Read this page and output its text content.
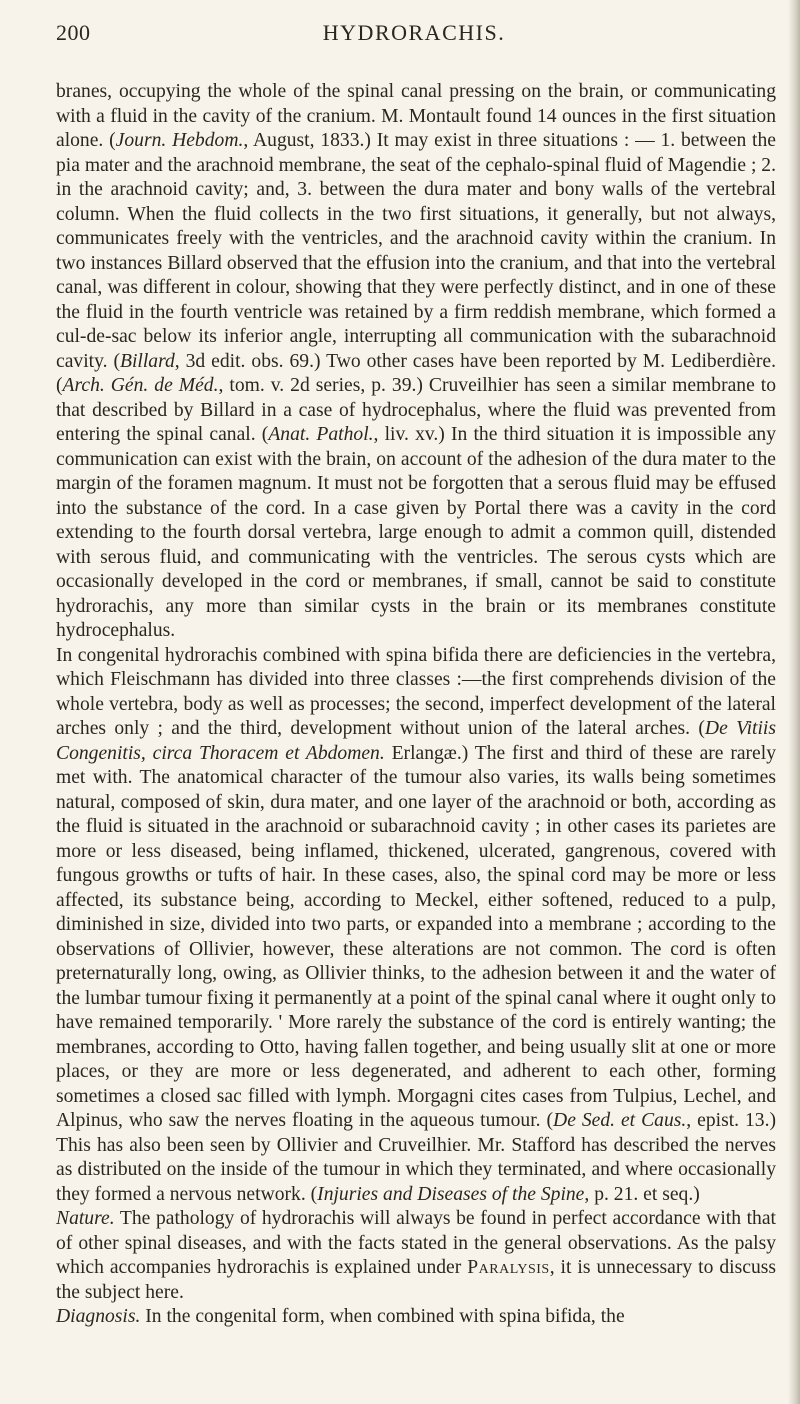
200	HYDRORACHIS.

branes, occupying the whole of the spinal canal pressing on the brain, or communicating with a fluid in the cavity of the cranium. M. Montault found 14 ounces in the first situation alone. (Journ. Hebdom., August, 1833.) It may exist in three situations : — 1. between the pia mater and the arachnoid membrane, the seat of the cephalo-spinal fluid of Magendie ; 2. in the arachnoid cavity; and, 3. between the dura mater and bony walls of the vertebral column. When the fluid collects in the two first situations, it generally, but not always, communicates freely with the ventricles, and the arachnoid cavity within the cranium. In two instances Billard observed that the effusion into the cranium, and that into the vertebral canal, was different in colour, showing that they were perfectly distinct, and in one of these the fluid in the fourth ventricle was retained by a firm reddish membrane, which formed a cul-de-sac below its inferior angle, interrupting all communication with the subarachnoid cavity. (Billard, 3d edit. obs. 69.) Two other cases have been reported by M. Lediberdière. (Arch. Gén. de Méd., tom. v. 2d series, p. 39.) Cruveilhier has seen a similar membrane to that described by Billard in a case of hydrocephalus, where the fluid was prevented from entering the spinal canal. (Anat. Pathol., liv. xv.) In the third situation it is impossible any communication can exist with the brain, on account of the adhesion of the dura mater to the margin of the foramen magnum. It must not be forgotten that a serous fluid may be effused into the substance of the cord. In a case given by Portal there was a cavity in the cord extending to the fourth dorsal vertebra, large enough to admit a common quill, distended with serous fluid, and communicating with the ventricles. The serous cysts which are occasionally developed in the cord or membranes, if small, cannot be said to constitute hydrorachis, any more than similar cysts in the brain or its membranes constitute hydrocephalus.

In congenital hydrorachis combined with spina bifida there are deficiencies in the vertebra, which Fleischmann has divided into three classes :—the first comprehends division of the whole vertebra, body as well as processes; the second, imperfect development of the lateral arches only ; and the third, development without union of the lateral arches. (De Vitiis Congenitis, circa Thoracem et Abdomen. Erlangæ.) The first and third of these are rarely met with. The anatomical character of the tumour also varies, its walls being sometimes natural, composed of skin, dura mater, and one layer of the arachnoid or both, according as the fluid is situated in the arachnoid or subarachnoid cavity ; in other cases its parietes are more or less diseased, being inflamed, thickened, ulcerated, gangrenous, covered with fungous growths or tufts of hair. In these cases, also, the spinal cord may be more or less affected, its substance being, according to Meckel, either softened, reduced to a pulp, diminished in size, divided into two parts, or expanded into a membrane ; according to the observations of Ollivier, however, these alterations are not common. The cord is often preternaturally long, owing, as Ollivier thinks, to the adhesion between it and the water of the lumbar tumour fixing it permanently at a point of the spinal canal where it ought only to have remained temporarily. ' More rarely the substance of the cord is entirely wanting; the membranes, according to Otto, having fallen together, and being usually slit at one or more places, or they are more or less degenerated, and adherent to each other, forming sometimes a closed sac filled with lymph. Morgagni cites cases from Tulpius, Lechel, and Alpinus, who saw the nerves floating in the aqueous tumour. (De Sed. et Caus., epist. 13.) This has also been seen by Ollivier and Cruveilhier. Mr. Stafford has described the nerves as distributed on the inside of the tumour in which they terminated, and where occasionally they formed a nervous network. (Injuries and Diseases of the Spine, p. 21. et seq.)

Nature. The pathology of hydrorachis will always be found in perfect accordance with that of other spinal diseases, and with the facts stated in the general observations. As the palsy which accompanies hydrorachis is explained under Paralysis, it is unnecessary to discuss the subject here.

Diagnosis. In the congenital form, when combined with spina bifida, the
